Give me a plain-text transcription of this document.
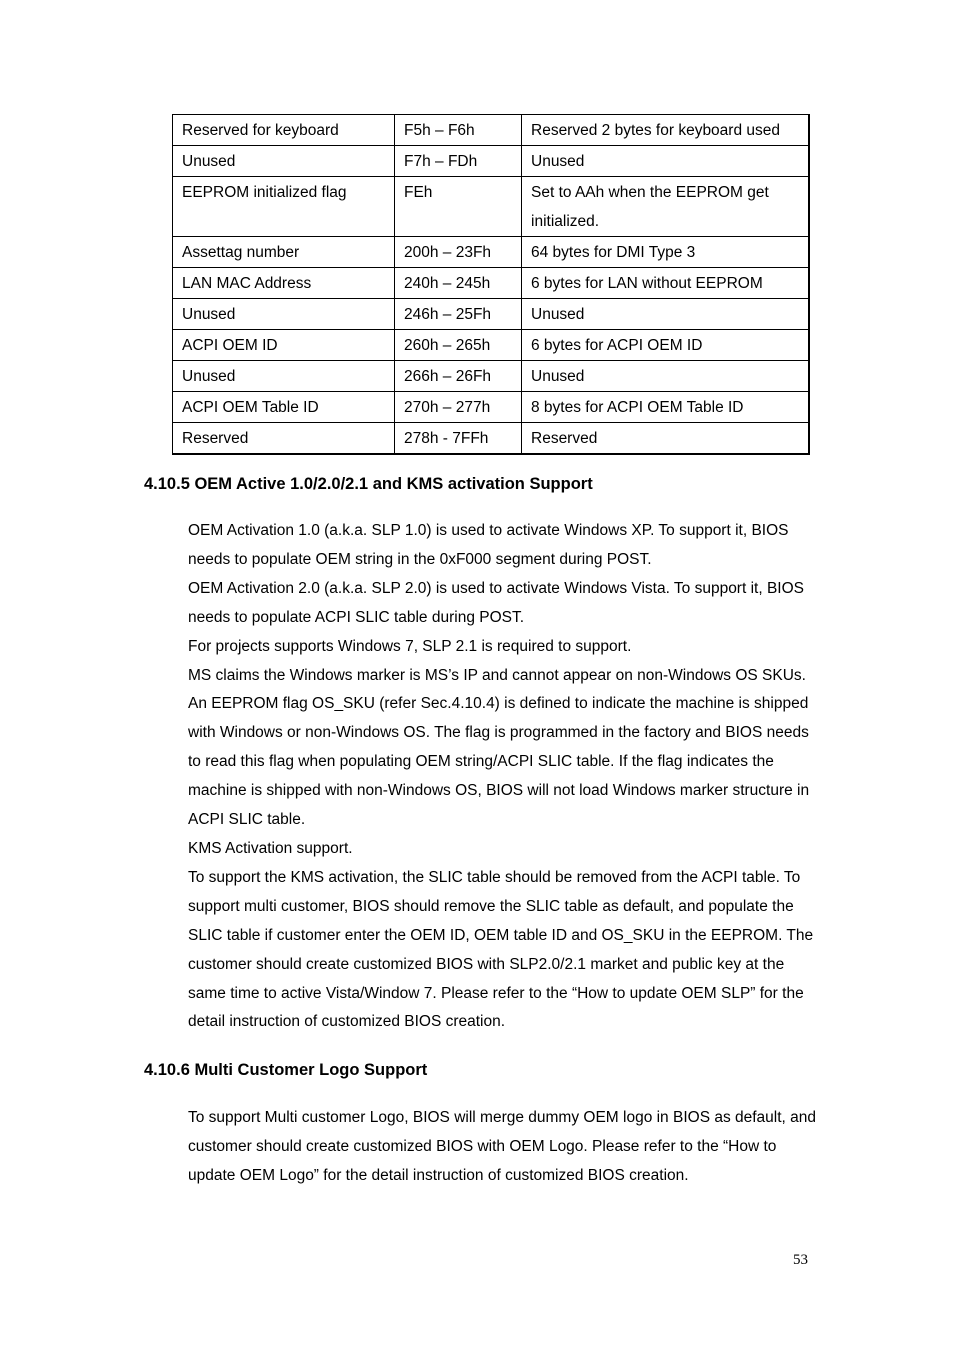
Reserved for keyboard	F5h – F6h	Reserved 2 bytes for keyboard used
Unused	F7h – FDh	Unused
EEPROM initialized flag	FEh	Set to AAh when the EEPROM get initialized.
Assettag number	200h – 23Fh	64 bytes for DMI Type 3
LAN MAC Address	240h – 245h	6 bytes for LAN without EEPROM
Unused	246h – 25Fh	Unused
ACPI OEM ID	260h – 265h	6 bytes for ACPI OEM ID
Unused	266h – 26Fh	Unused
ACPI OEM Table ID	270h – 277h	8 bytes for ACPI OEM Table ID
Reserved	278h - 7FFh	Reserved
4.10.5 OEM Active 1.0/2.0/2.1 and KMS activation Support

OEM Activation 1.0 (a.k.a. SLP 1.0) is used to activate Windows XP. To support it, BIOS needs to populate OEM string in the 0xF000 segment during POST.

OEM Activation 2.0 (a.k.a. SLP 2.0) is used to activate Windows Vista. To support it, BIOS needs to populate ACPI SLIC table during POST.

For projects supports Windows 7, SLP 2.1 is required to support.

MS claims the Windows marker is MS’s IP and cannot appear on non-Windows OS SKUs. An EEPROM flag OS_SKU (refer Sec.4.10.4) is defined to indicate the machine is shipped with Windows or non-Windows OS. The flag is programmed in the factory and BIOS needs to read this flag when populating OEM string/ACPI SLIC table. If the flag indicates the machine is shipped with non-Windows OS, BIOS will not load Windows marker structure in ACPI SLIC table.

KMS Activation support.

To support the KMS activation, the SLIC table should be removed from the ACPI table. To support multi customer, BIOS should remove the SLIC table as default, and populate the SLIC table if customer enter the OEM ID, OEM table ID and OS_SKU in the EEPROM. The customer should create customized BIOS with SLP2.0/2.1 market and public key at the same time to active Vista/Window 7. Please refer to the “How to update OEM SLP” for the detail instruction of customized BIOS creation.

4.10.6 Multi Customer Logo Support

To support Multi customer Logo, BIOS will merge dummy OEM logo in BIOS as default, and customer should create customized BIOS with OEM Logo. Please refer to the “How to update OEM Logo” for the detail instruction of customized BIOS creation.

53
